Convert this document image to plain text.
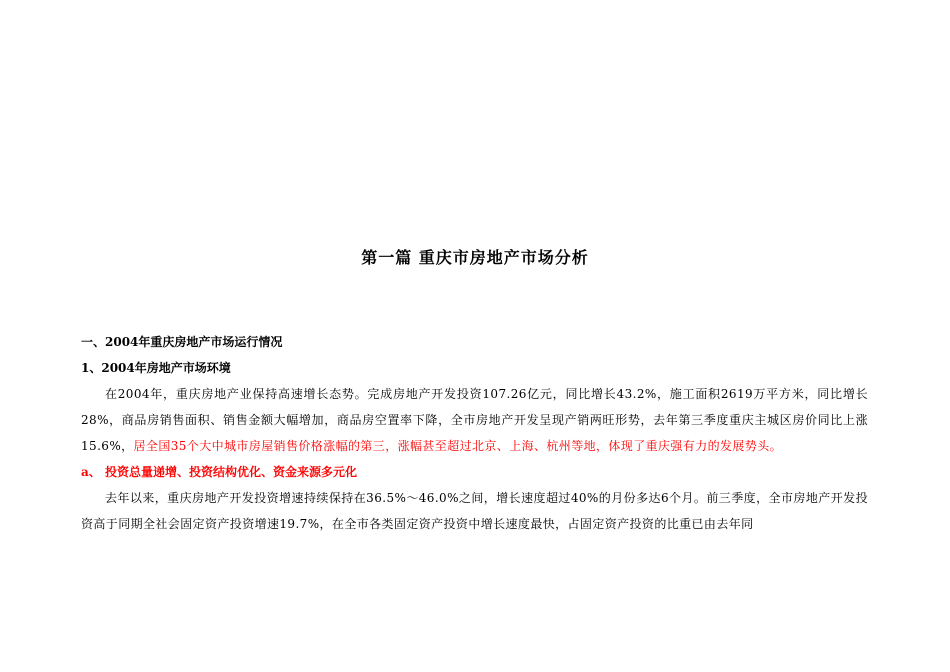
第一篇 重庆市房地产市场分析

一、2004年重庆房地产市场运行情况

1、2004年房地产市场环境

在2004年，重庆房地产业保持高速增长态势。完成房地产开发投资107.26亿元，同比增长43.2%，施工面积2619万平方米，同比增长28%，商品房销售面积、销售金额大幅增加，商品房空置率下降，全市房地产开发呈现产销两旺形势，去年第三季度重庆主城区房价同比上涨15.6%，居全国35个大中城市房屋销售价格涨幅的第三，涨幅甚至超过北京、上海、杭州等地，体现了重庆强有力的发展势头。

a、 投资总量递增、投资结构优化、资金来源多元化

去年以来，重庆房地产开发投资增速持续保持在36.5%～46.0%之间，增长速度超过40%的月份多达6个月。前三季度，全市房地产开发投资高于同期全社会固定资产投资增速19.7%，在全市各类固定资产投资中增长速度最快，占固定资产投资的比重已由去年同
